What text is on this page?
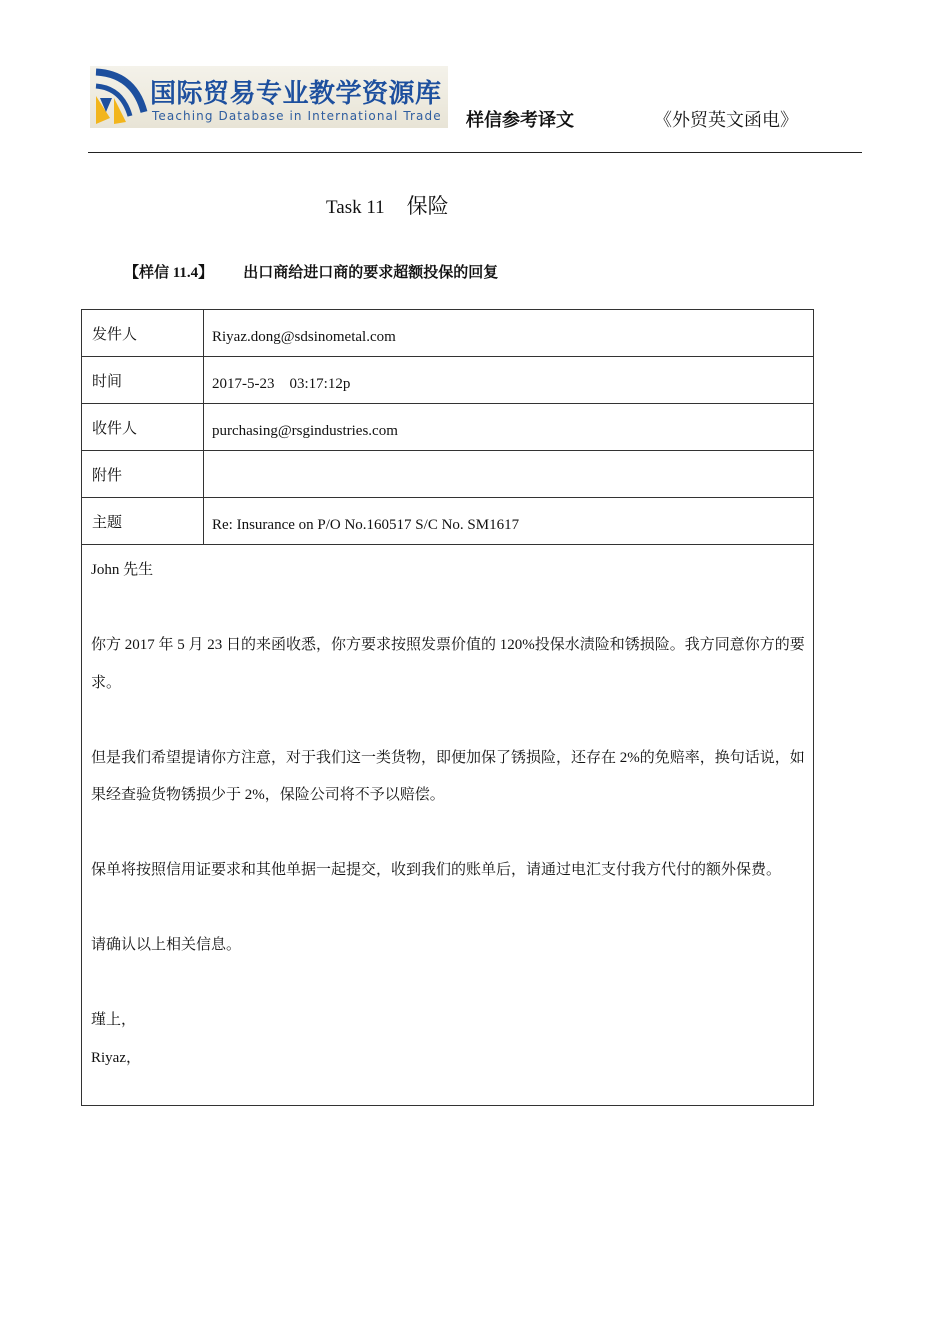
国际贸易专业教学资源库
Teaching Database in International Trade 样信参考译文	《外贸英文函电》
Task 11 保险
【样信 11.4】 出口商给进口商的要求超额投保的回复
发件人	Riyaz.dong@sdsinometal.com
时间	2017-5-23　03:17:12p
收件人	purchasing@rsgindustries.com
附件
主题	Re: Insurance on P/O No.160517 S/C No. SM1617

John 先生

你方 2017 年 5 月 23 日的来函收悉，你方要求按照发票价值的 120%投保水渍险和锈损险。我方同意你方的要求。

但是我们希望提请你方注意，对于我们这一类货物，即便加保了锈损险，还存在 2%的免赔率，换句话说，如果经查验货物锈损少于 2%，保险公司将不予以赔偿。

保单将按照信用证要求和其他单据一起提交，收到我们的账单后，请通过电汇支付我方代付的额外保费。

请确认以上相关信息。

瑾上，

Riyaz，
